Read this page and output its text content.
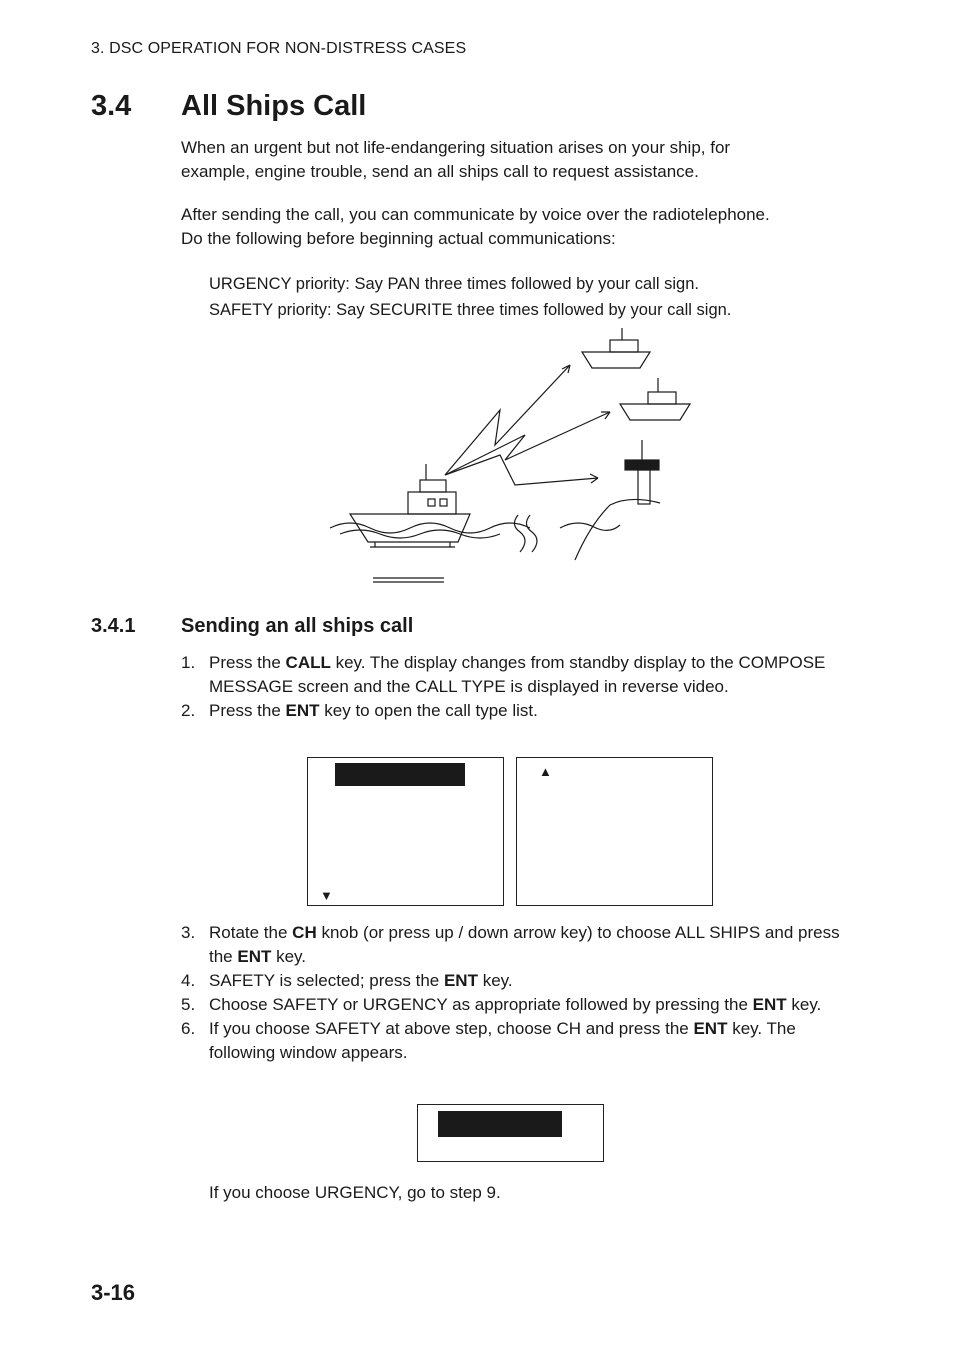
3. DSC OPERATION FOR NON-DISTRESS CASES
3.4 All Ships Call

When an urgent but not life-endangering situation arises on your ship, for

example, engine trouble, send an all ships call to request assistance.

After sending the call, you can communicate by voice over the radiotelephone.

Do the following before beginning actual communications:

URGENCY priority: Say PAN three times followed by your call sign.
SAFETY priority: Say SECURITE three times followed by your call sign.
3.4.1 Sending an all ships call
1. Press the CALL key. The display changes from standby display to the COMPOSE MESSAGE screen and the CALL TYPE is displayed in reverse video.
2. Press the ENT key to open the call type list.
▼
▲
3. Rotate the CH knob (or press up / down arrow key) to choose ALL SHIPS and press the ENT key.
4. SAFETY is selected; press the ENT key.
5. Choose SAFETY or URGENCY as appropriate followed by pressing the ENT key.
6. If you choose SAFETY at above step, choose CH and press the ENT key. The following window appears.
If you choose URGENCY, go to step 9.
3-16
